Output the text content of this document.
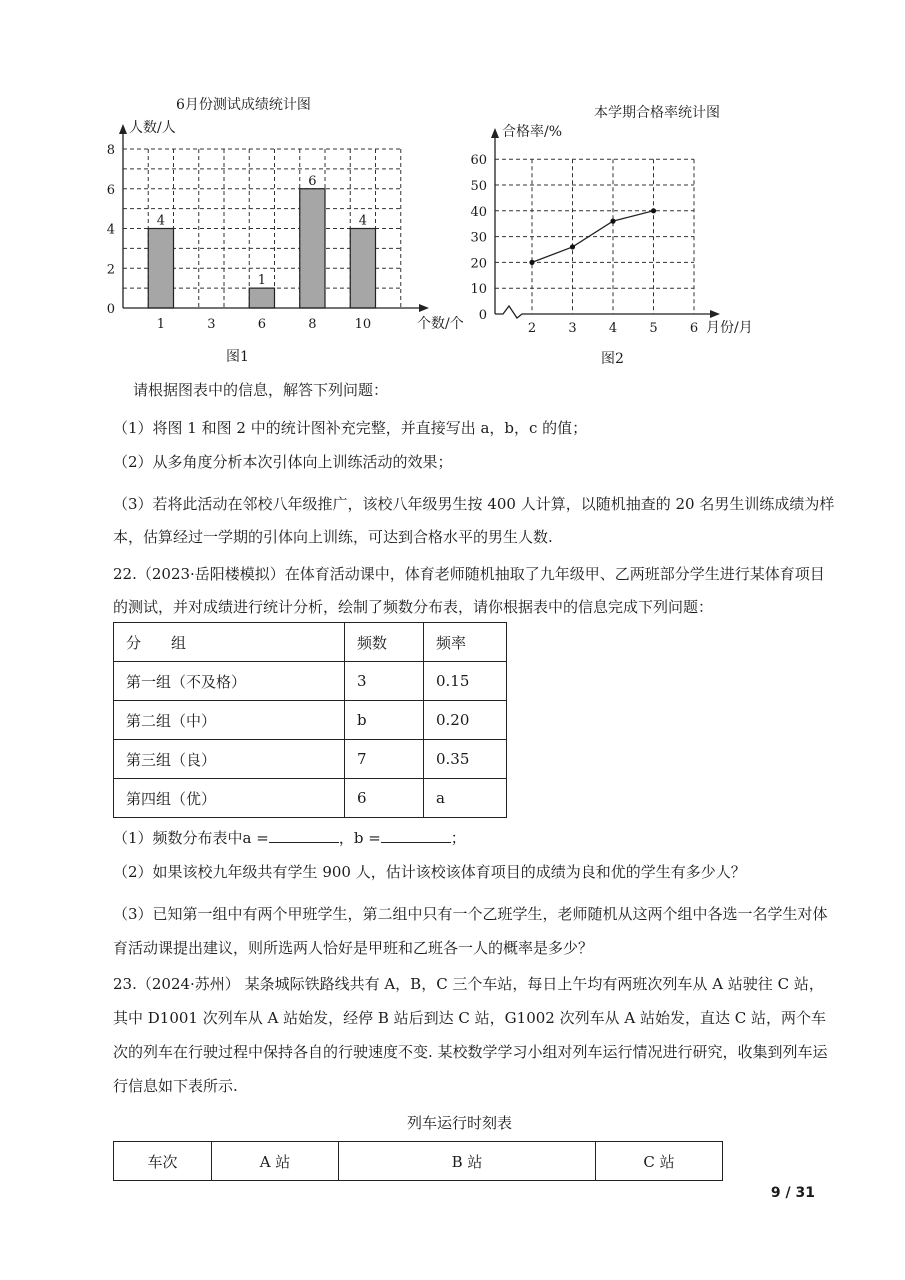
6月份测试成绩统计图
0
2
4
6
8
1	3	6	8	10
4
1
6
4
人数/人
个数/个
图1
本学期合格率统计图
0
10
20
30
40
50
60
2 3 4 5 6
合格率/%
月份/月
图2
请根据图表中的信息，解答下列问题：
（1）将图 1 和图 2 中的统计图补充完整，并直接写出 a，b，c 的值；
（2）从多角度分析本次引体向上训练活动的效果；
（3）若将此活动在邻校八年级推广，该校八年级男生按 400 人计算，以随机抽查的 20 名男生训练成绩为样本，估算经过一学期的引体向上训练，可达到合格水平的男生人数.
22.（2023·岳阳楼模拟）在体育活动课中，体育老师随机抽取了九年级甲、乙两班部分学生进行某体育项目的测试，并对成绩进行统计分析，绘制了频数分布表，请你根据表中的信息完成下列问题：
分　　组	频数	频率
第一组（不及格）	3	0.15
第二组（中）	b	0.20
第三组（良）	7	0.35
第四组（优）	6	a
（1）频数分布表中a =	，b =	；
（2）如果该校九年级共有学生 900 人，估计该校该体育项目的成绩为良和优的学生有多少人？
（3）已知第一组中有两个甲班学生，第二组中只有一个乙班学生，老师随机从这两个组中各选一名学生对体育活动课提出建议，则所选两人恰好是甲班和乙班各一人的概率是多少？
23.（2024·苏州） 某条城际铁路线共有 A，B，C 三个车站，每日上午均有两班次列车从 A 站驶往 C 站，其中 D1001 次列车从 A 站始发，经停 B 站后到达 C 站，G1002 次列车从 A 站始发，直达 C 站，两个车次的列车在行驶过程中保持各自的行驶速度不变. 某校数学学习小组对列车运行情况进行研究，收集到列车运行信息如下表所示.
列车运行时刻表
车次	A 站	B 站	C 站
9 / 31
